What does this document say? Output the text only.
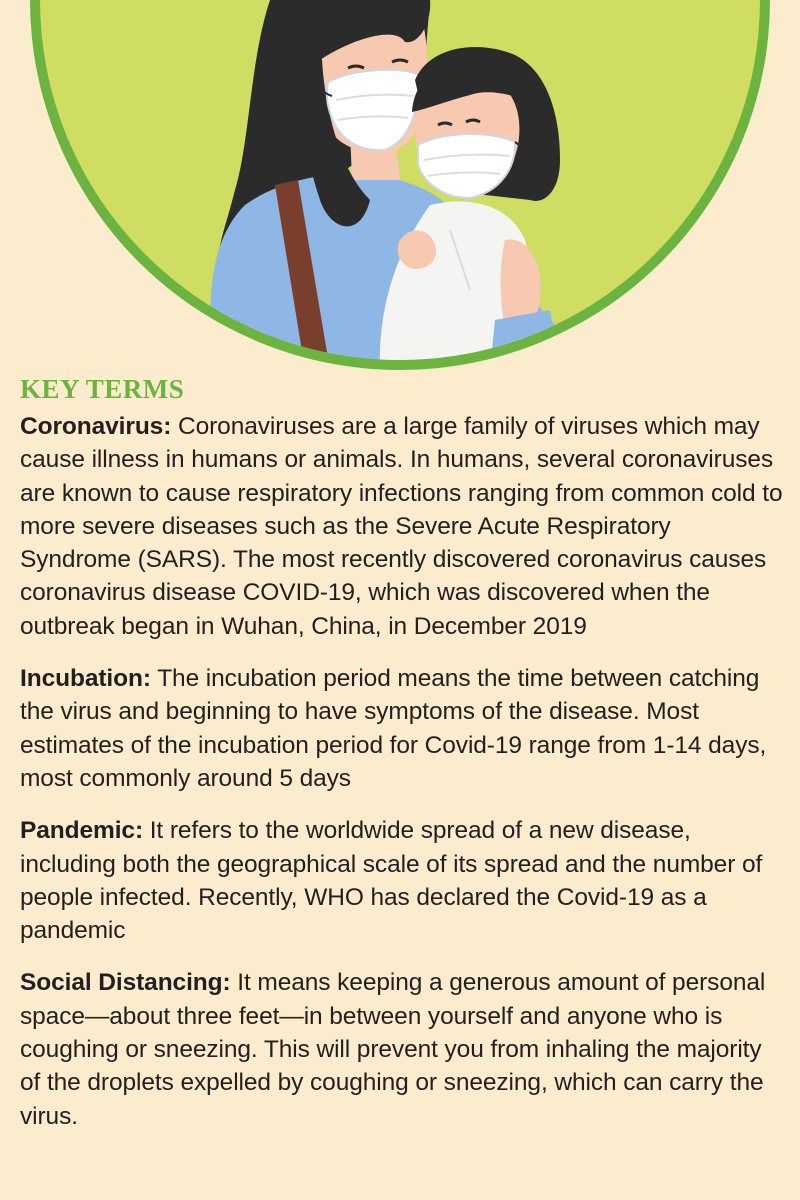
KEY TERMS

Coronavirus: Coronaviruses are a large family of viruses which may cause illness in humans or animals. In humans, several coronaviruses are known to cause respiratory infections ranging from common cold to more severe diseases such as the Severe Acute Respiratory Syndrome (SARS). The most recently discovered coronavirus causes coronavirus disease COVID-19, which was discovered when the outbreak began in Wuhan, China, in December 2019

Incubation: The incubation period means the time between catching the virus and beginning to have symptoms of the disease. Most estimates of the incubation period for Covid-19 range from 1-14 days, most commonly around 5 days

Pandemic: It refers to the worldwide spread of a new disease, including both the geographical scale of its spread and the number of people infected. Recently, WHO has declared the Covid-19 as a pandemic

Social Distancing: It means keeping a generous amount of personal space—about three feet—in between yourself and anyone who is coughing or sneezing. This will prevent you from inhaling the majority of the droplets expelled by coughing or sneezing, which can carry the virus.
